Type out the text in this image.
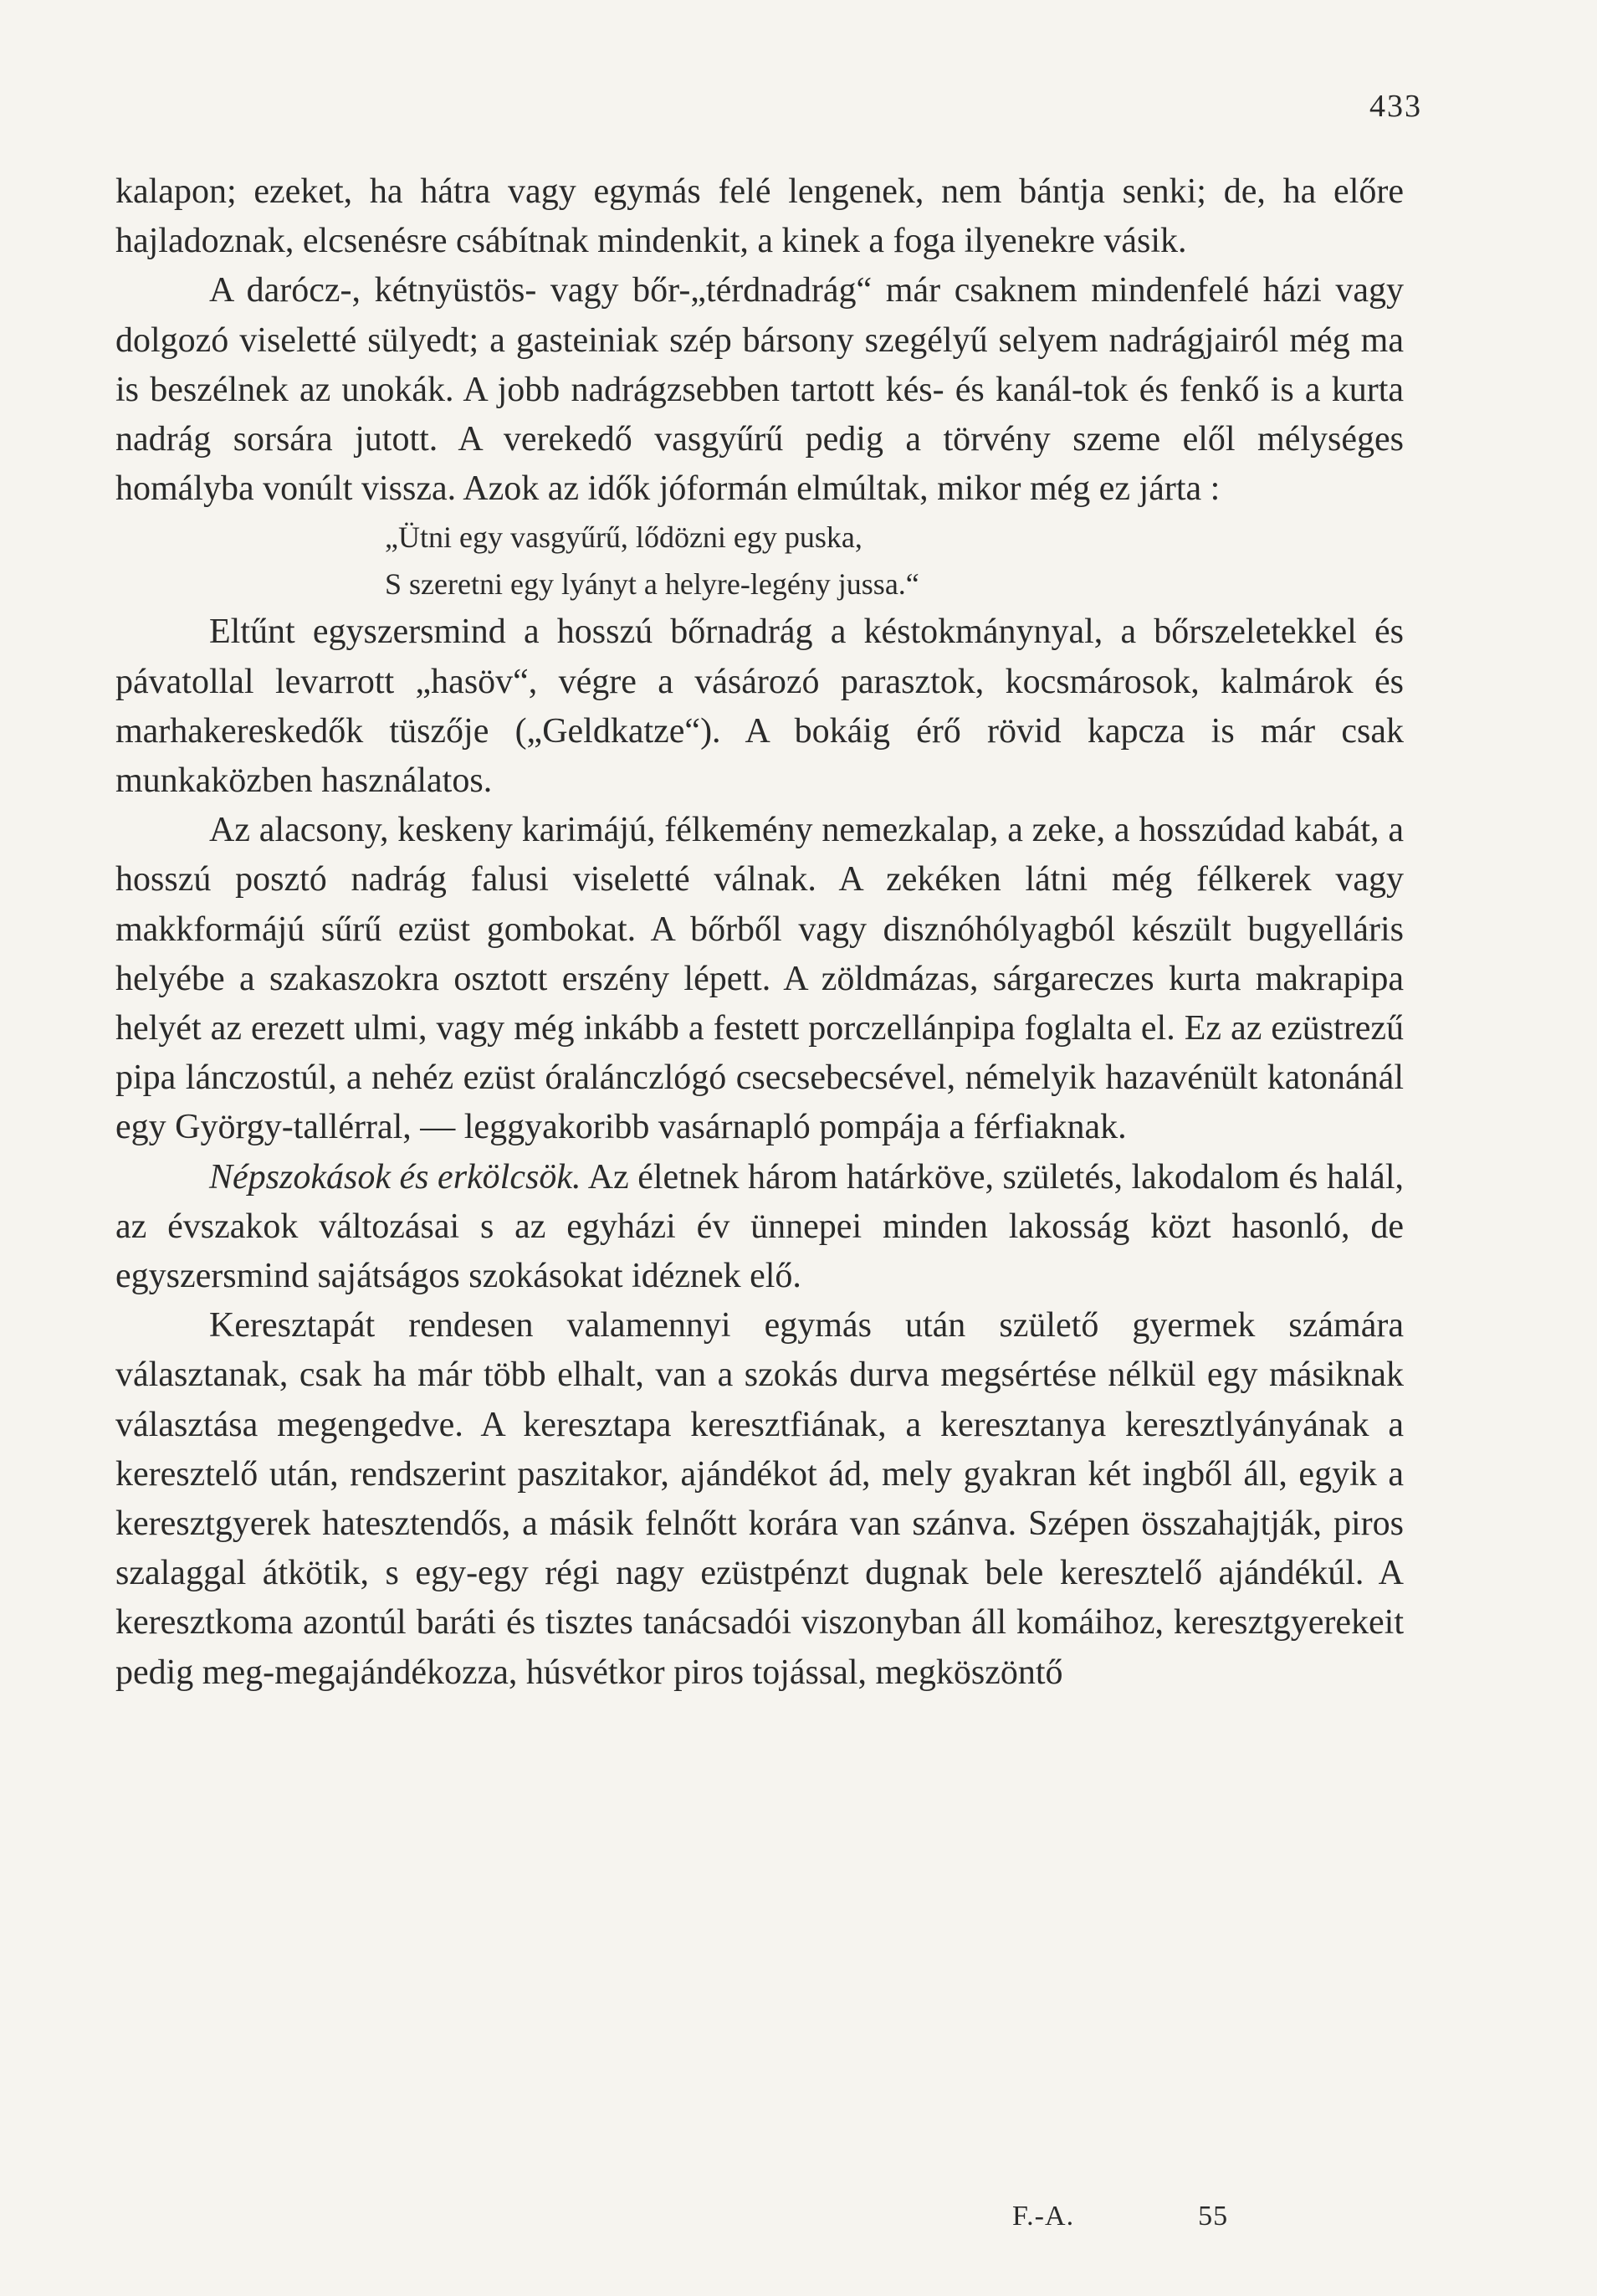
433

kalapon; ezeket, ha hátra vagy egymás felé lengenek, nem bántja senki; de, ha előre hajladoznak, elcsenésre csábítnak mindenkit, a kinek a foga ilyenekre vásik.

A darócz-, kétnyüstös- vagy bőr-„térdnadrág“ már csaknem mindenfelé házi vagy dolgozó viseletté sülyedt; a gasteiniak szép bársony szegélyű selyem nadrágjairól még ma is beszélnek az unokák. A jobb nadrágzsebben tartott kés- és kanál-tok és fenkő is a kurta nadrág sorsára jutott. A verekedő vasgyűrű pedig a törvény szeme elől mélységes homályba vonúlt vissza. Azok az idők jóformán elmúltak, mikor még ez járta :

„Ütni egy vasgyűrű, lődözni egy puska,

S szeretni egy lyányt a helyre-legény jussa.“

Eltűnt egyszersmind a hosszú bőrnadrág a késtokmánynyal, a bőrszeletekkel és pávatollal levarrott „hasöv“, végre a vásározó parasztok, kocsmárosok, kalmárok és marhakereskedők tüszője („Geldkatze“). A bokáig érő rövid kapcza is már csak munkaközben használatos.

Az alacsony, keskeny karimájú, félkemény nemezkalap, a zeke, a hosszúdad kabát, a hosszú posztó nadrág falusi viseletté válnak. A zekéken látni még félkerek vagy makkformájú sűrű ezüst gombokat. A bőrből vagy disznóhólyagból készült bugyelláris helyébe a szakaszokra osztott erszény lépett. A zöldmázas, sárgareczes kurta makrapipa helyét az erezett ulmi, vagy még inkább a festett porczellánpipa foglalta el. Ez az ezüstrezű pipa lánczostúl, a nehéz ezüst óralánczlógó csecsebecsével, némelyik hazavénült katonánál egy György-tallérral, — leggyakoribb vasárnapló pompája a férfiaknak.

Népszokások és erkölcsök. Az életnek három határköve, születés, lakodalom és halál, az évszakok változásai s az egyházi év ünnepei minden lakosság közt hasonló, de egyszersmind sajátságos szokásokat idéznek elő.

Keresztapát rendesen valamennyi egymás után születő gyermek számára választanak, csak ha már több elhalt, van a szokás durva megsértése nélkül egy másiknak választása megengedve. A keresztapa keresztfiának, a keresztanya keresztlyányának a keresztelő után, rendszerint paszitakor, ajándékot ád, mely gyakran két ingből áll, egyik a keresztgyerek hatesztendős, a másik felnőtt korára van szánva. Szépen összahajtják, piros szalaggal átkötik, s egy-egy régi nagy ezüstpénzt dugnak bele keresztelő ajándékúl. A keresztkoma azontúl baráti és tisztes tanácsadói viszonyban áll komáihoz, keresztgyerekeit pedig meg-megajándékozza, húsvétkor piros tojással, megköszöntő

F.-A.	55
